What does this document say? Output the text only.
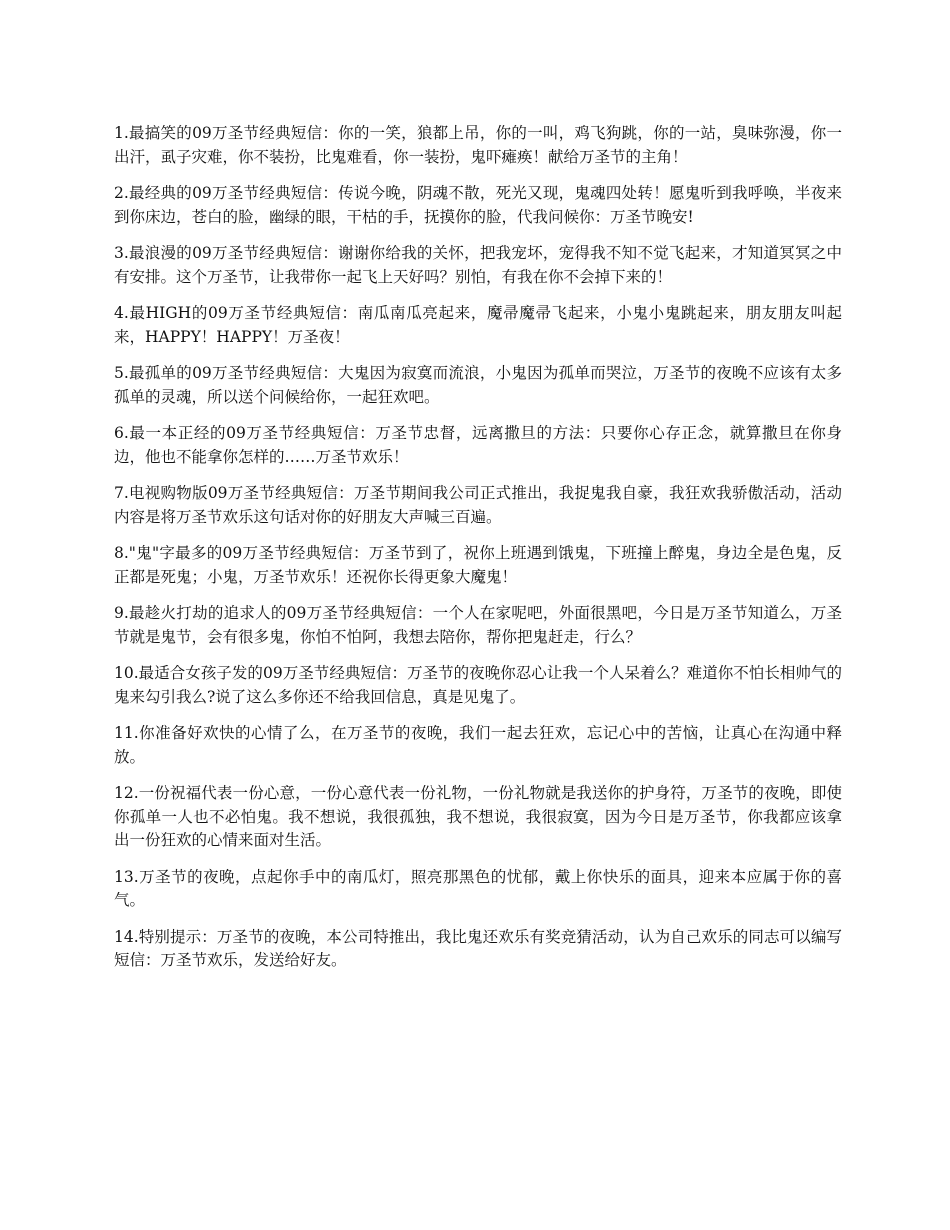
1.最搞笑的09万圣节经典短信：你的一笑，狼都上吊，你的一叫，鸡飞狗跳，你的一站，臭味弥漫，你一出汗，虱子灾难，你不装扮，比鬼难看，你一装扮，鬼吓瘫痪！献给万圣节的主角！

2.最经典的09万圣节经典短信：传说今晚，阴魂不散，死光又现，鬼魂四处转！愿鬼听到我呼唤，半夜来到你床边，苍白的脸，幽绿的眼，干枯的手，抚摸你的脸，代我问候你：万圣节晚安!

3.最浪漫的09万圣节经典短信：谢谢你给我的关怀，把我宠坏，宠得我不知不觉飞起来，才知道冥冥之中有安排。这个万圣节，让我带你一起飞上天好吗？别怕，有我在你不会掉下来的！

4.最HIGH的09万圣节经典短信：南瓜南瓜亮起来，魔帚魔帚飞起来，小鬼小鬼跳起来，朋友朋友叫起来，HAPPY！HAPPY！万圣夜！

5.最孤单的09万圣节经典短信：大鬼因为寂寞而流浪，小鬼因为孤单而哭泣，万圣节的夜晚不应该有太多孤单的灵魂，所以送个问候给你，一起狂欢吧。

6.最一本正经的09万圣节经典短信：万圣节忠督，远离撒旦的方法：只要你心存正念，就算撒旦在你身边，他也不能拿你怎样的……万圣节欢乐！

7.电视购物版09万圣节经典短信：万圣节期间我公司正式推出，我捉鬼我自豪，我狂欢我骄傲活动，活动内容是将万圣节欢乐这句话对你的好朋友大声喊三百遍。

8."鬼"字最多的09万圣节经典短信：万圣节到了，祝你上班遇到饿鬼，下班撞上醉鬼，身边全是色鬼，反正都是死鬼；小鬼，万圣节欢乐！还祝你长得更象大魔鬼！

9.最趁火打劫的追求人的09万圣节经典短信：一个人在家呢吧，外面很黑吧，今日是万圣节知道么，万圣节就是鬼节，会有很多鬼，你怕不怕阿，我想去陪你，帮你把鬼赶走，行么？

10.最适合女孩子发的09万圣节经典短信：万圣节的夜晚你忍心让我一个人呆着么？难道你不怕长相帅气的鬼来勾引我么?说了这么多你还不给我回信息，真是见鬼了。

11.你准备好欢快的心情了么，在万圣节的夜晚，我们一起去狂欢，忘记心中的苦恼，让真心在沟通中释放。

12.一份祝福代表一份心意，一份心意代表一份礼物，一份礼物就是我送你的护身符，万圣节的夜晚，即使你孤单一人也不必怕鬼。我不想说，我很孤独，我不想说，我很寂寞，因为今日是万圣节，你我都应该拿出一份狂欢的心情来面对生活。

13.万圣节的夜晚，点起你手中的南瓜灯，照亮那黑色的忧郁，戴上你快乐的面具，迎来本应属于你的喜气。

14.特别提示：万圣节的夜晚，本公司特推出，我比鬼还欢乐有奖竞猜活动，认为自己欢乐的同志可以编写短信：万圣节欢乐，发送给好友。
